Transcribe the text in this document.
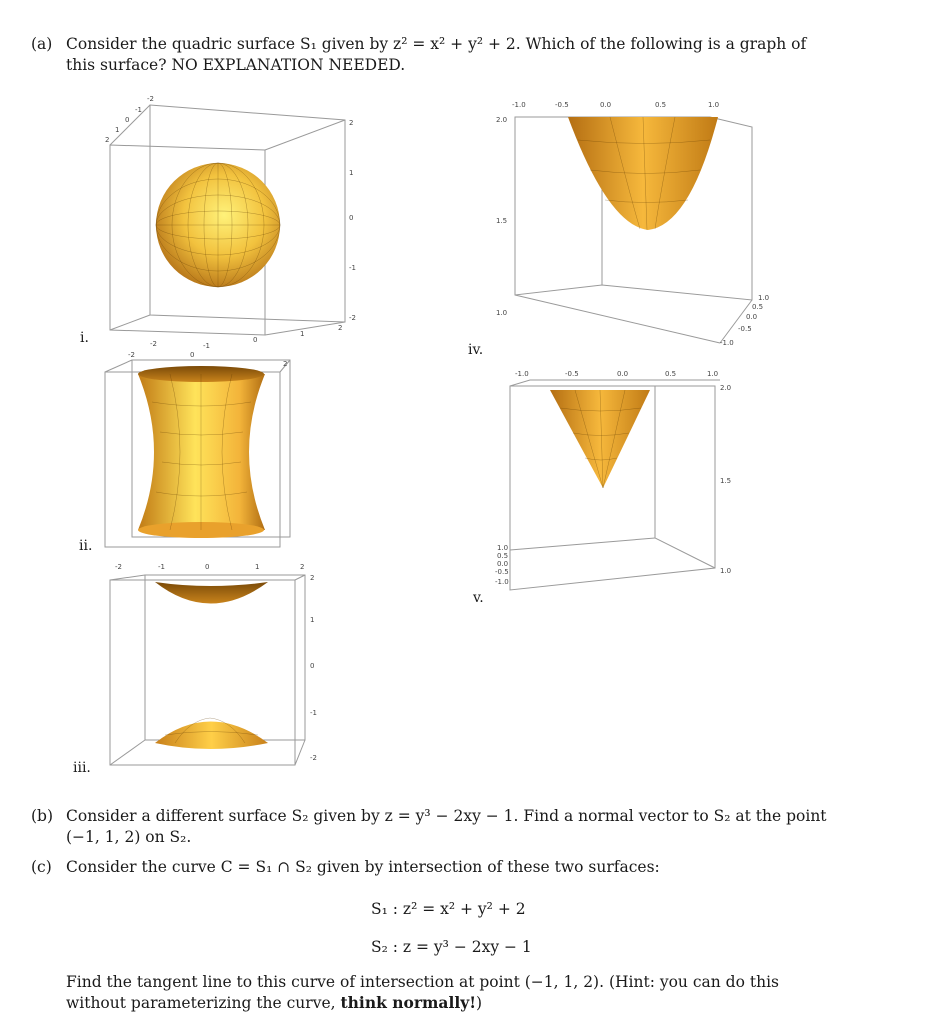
(a) Consider the quadric surface S₁ given by z² = x² + y² + 2. Which of the following is a graph of
this surface? NO EXPLANATION NEEDED.
-2
-1
0
1
2
2
1
0
-1
-2
-2	-1
0
1
2
i.
-2	0
2
ii.
-2	-1	0	1	2
2
1
0
-1
-2
iii.
-1.0	-0.5	0.0	0.5	1.0
2.0
1.5
1.0
1.0
0.5
0.0
-0.5
-1.0
iv.
-1.0	-0.5	0.0	0.5	1.0
2.0
1.5
1.0
1.0
0.5
0.0
-0.5
-1.0
v.
(b) Consider a different surface S₂ given by z = y³ − 2xy − 1. Find a normal vector to S₂ at the point
(−1, 1, 2) on S₂.
(c) Consider the curve C = S₁ ∩ S₂ given by intersection of these two surfaces:
S₁ : z² = x² + y² + 2
S₂ : z = y³ − 2xy − 1
Find the tangent line to this curve of intersection at point (−1, 1, 2). (Hint: you can do this
without parameterizing the curve, think normally!)
